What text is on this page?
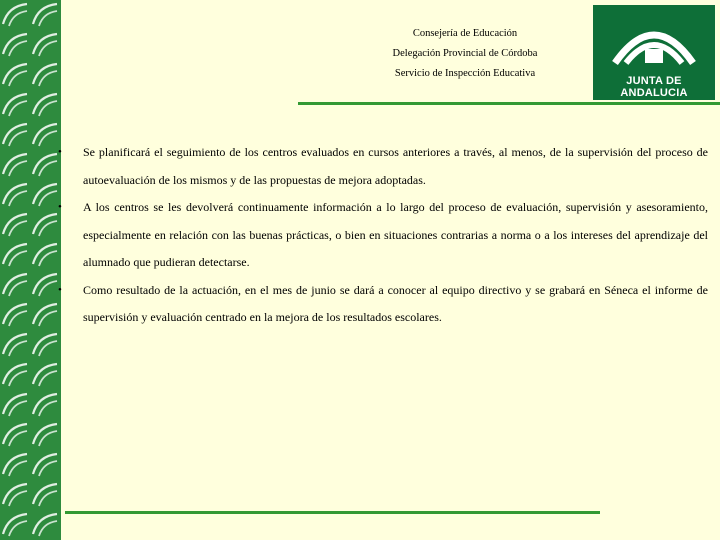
Consejería de Educación
Delegación Provincial de Córdoba
Servicio de Inspección Educativa
JUNTA DE ANDALUCIA
• Se planificará el seguimiento de los centros evaluados en cursos anteriores a través, al menos, de la supervisión del proceso de autoevaluación de los mismos y de las propuestas de mejora adoptadas.
• A los centros se les devolverá continuamente información a lo largo del proceso de evaluación, supervisión y asesoramiento, especialmente en relación con las buenas prácticas, o bien en situaciones contrarias a norma o a los intereses del aprendizaje del alumnado que pudieran detectarse.
• Como resultado de la actuación, en el mes de junio se dará a conocer al equipo directivo y se grabará en Séneca el informe de supervisión y evaluación centrado en la mejora de los resultados escolares.
